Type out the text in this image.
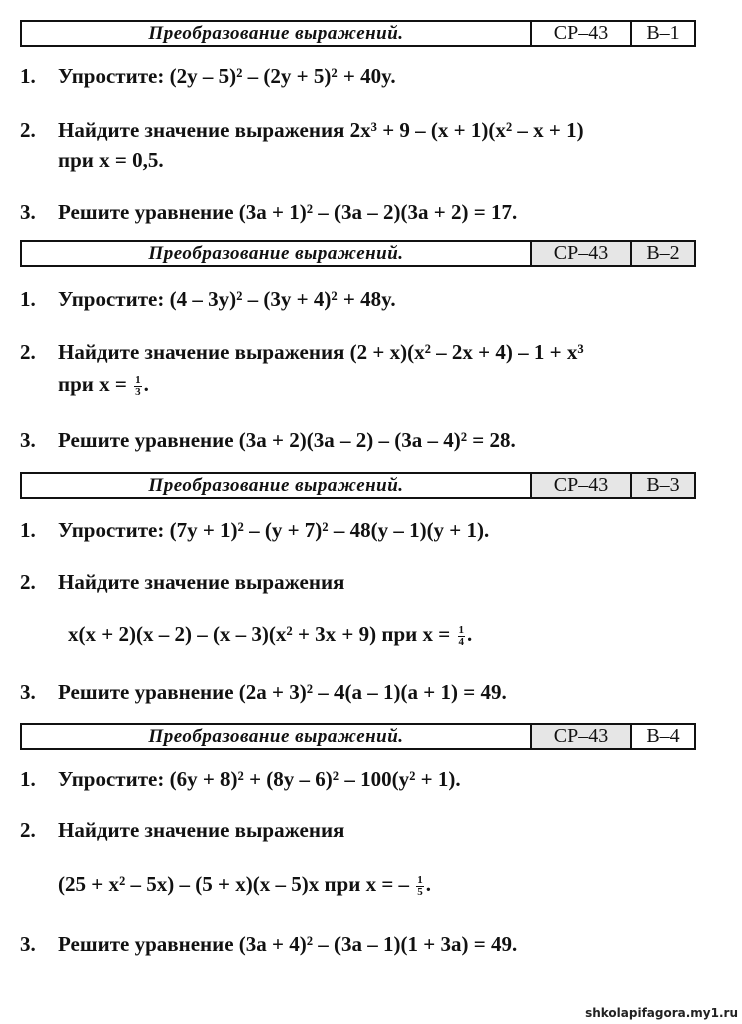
Преобразование выражений.	СР–43	В–1
1. Упростите: (2y – 5)² – (2y + 5)² + 40y.
2. Найдите значение выражения 2x³ + 9 – (x + 1)(x² – x + 1)
при x = 0,5.
3. Решите уравнение (3a + 1)² – (3a – 2)(3a + 2) = 17.
Преобразование выражений.	СР–43	В–2
1. Упростите: (4 – 3y)² – (3y + 4)² + 48y.
2. Найдите значение выражения (2 + x)(x² – 2x + 4) – 1 + x³
при $x = \frac{1}{3}$ .
3. Решите уравнение (3a + 2)(3a – 2) – (3a – 4)² = 28.
Преобразование выражений.	СР–43	В–3
1. Упростите: (7y + 1)² – (y + 7)² – 48(y – 1)(y + 1).
2. Найдите значение выражения
x(x + 2)(x – 2) – (x – 3)(x² + 3x + 9) при $x = \frac{1}{4}$ .
3. Решите уравнение (2a + 3)² – 4(a – 1)(a + 1) = 49.
Преобразование выражений.	СР–43	В–4
1. Упростите: (6y + 8)² + (8y – 6)² – 100(y² + 1).
2. Найдите значение выражения
(25 + x² – 5x) – (5 + x)(x – 5)x при x = – $\frac{1}{5}$ .
3. Решите уравнение (3a + 4)² – (3a – 1)(1 + 3a) = 49.
shkolapifagora.my1.ru
